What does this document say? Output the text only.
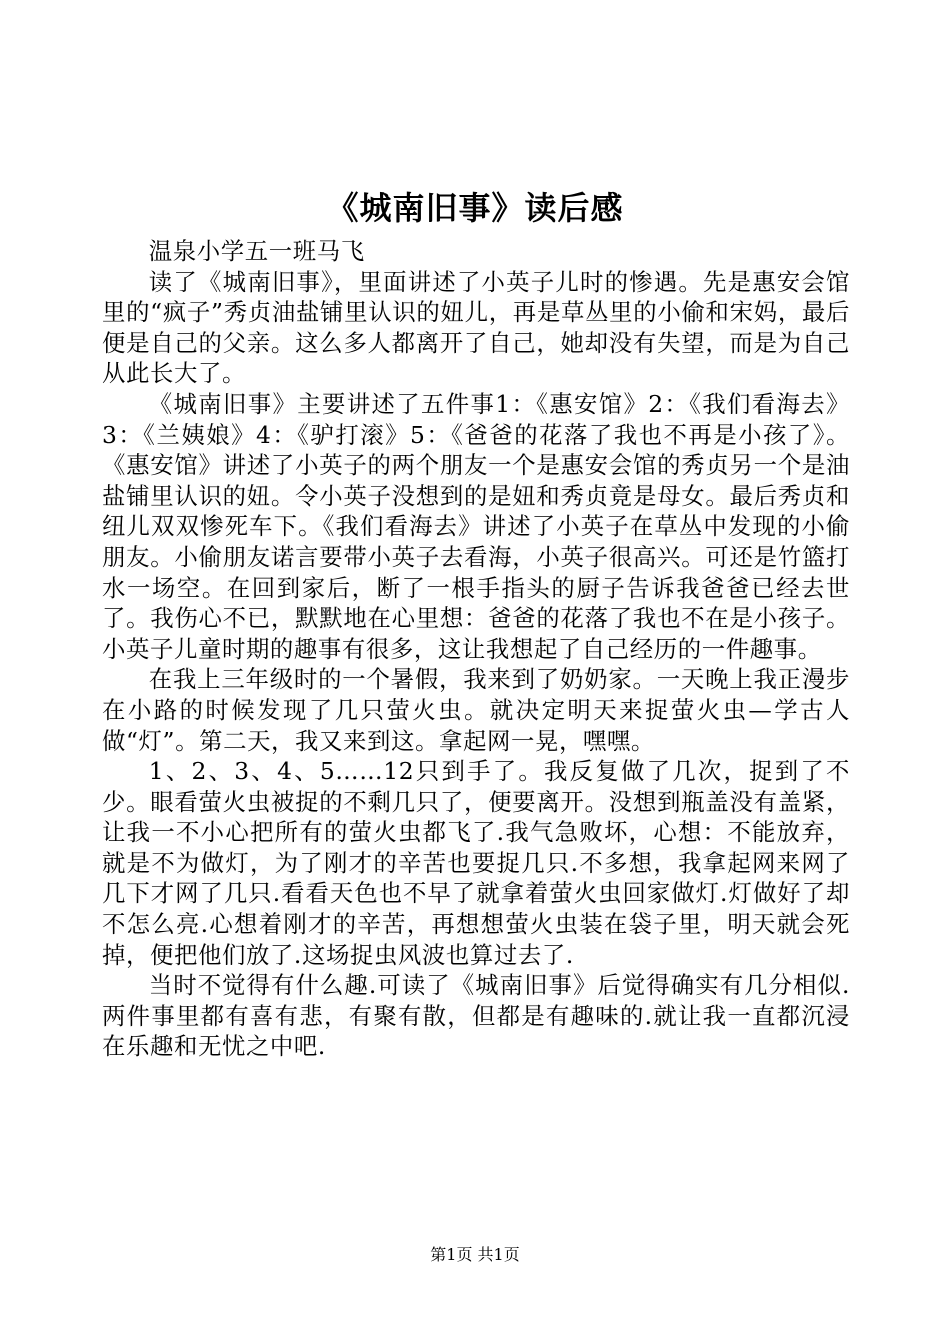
《城南旧事》读后感

温泉小学五一班马飞

读了《城南旧事》，里面讲述了小英子儿时的惨遇。先是惠安会馆里的“疯子”秀贞油盐铺里认识的妞儿，再是草丛里的小偷和宋妈，最后便是自己的父亲。这么多人都离开了自己，她却没有失望，而是为自己从此长大了。

《城南旧事》主要讲述了五件事1：《惠安馆》2：《我们看海去》3：《兰姨娘》4：《驴打滚》5：《爸爸的花落了我也不再是小孩了》。《惠安馆》讲述了小英子的两个朋友一个是惠安会馆的秀贞另一个是油盐铺里认识的妞。令小英子没想到的是妞和秀贞竟是母女。最后秀贞和纽儿双双惨死车下。《我们看海去》讲述了小英子在草丛中发现的小偷朋友。小偷朋友诺言要带小英子去看海，小英子很高兴。可还是竹篮打水一场空。在回到家后，断了一根手指头的厨子告诉我爸爸已经去世了。我伤心不已，默默地在心里想：爸爸的花落了我也不在是小孩子。小英子儿童时期的趣事有很多，这让我想起了自己经历的一件趣事。

在我上三年级时的一个暑假，我来到了奶奶家。一天晚上我正漫步在小路的时候发现了几只萤火虫。就决定明天来捉萤火虫—学古人做“灯”。第二天，我又来到这。拿起网一晃，嘿嘿。

1、2、3、4、5……12只到手了。我反复做了几次，捉到了不少。眼看萤火虫被捉的不剩几只了，便要离开。没想到瓶盖没有盖紧，让我一不小心把所有的萤火虫都飞了.我气急败坏，心想：不能放弃，就是不为做灯，为了刚才的辛苦也要捉几只.不多想，我拿起网来网了几下才网了几只.看看天色也不早了就拿着萤火虫回家做灯.灯做好了却不怎么亮.心想着刚才的辛苦，再想想萤火虫装在袋子里，明天就会死掉，便把他们放了.这场捉虫风波也算过去了.

当时不觉得有什么趣.可读了《城南旧事》后觉得确实有几分相似.两件事里都有喜有悲，有聚有散，但都是有趣味的.就让我一直都沉浸在乐趣和无忧之中吧.

第1页 共1页
